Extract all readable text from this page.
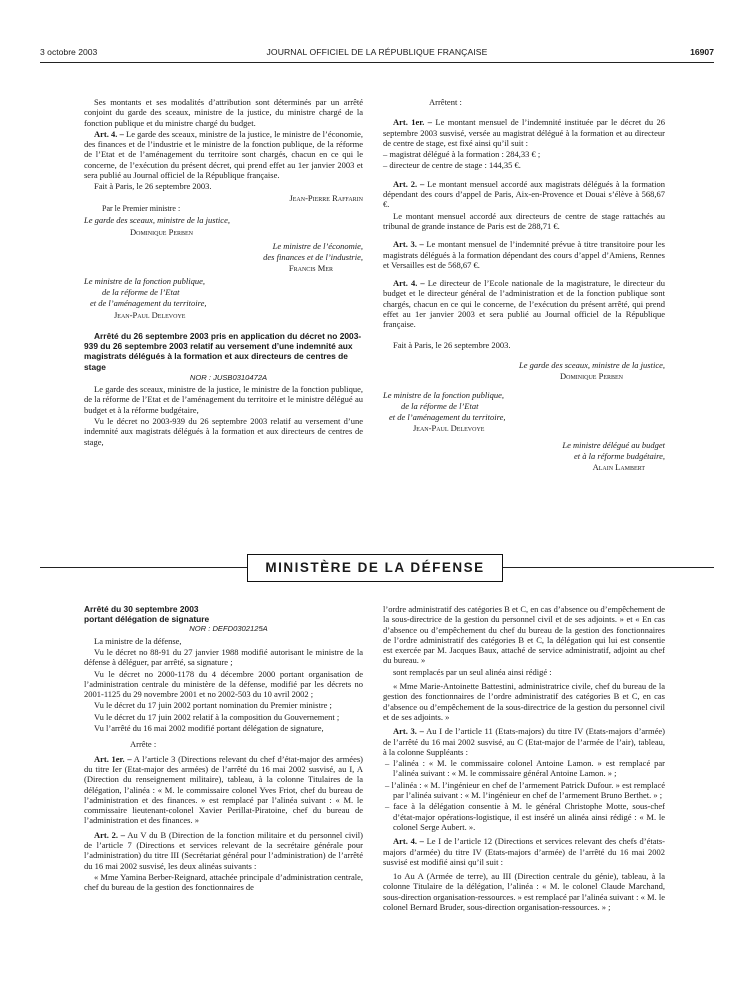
3 octobre 2003	JOURNAL OFFICIEL DE LA RÉPUBLIQUE FRANÇAISE	16907

Ses montants et ses modalités d’attribution sont déterminés par un arrêté conjoint du garde des sceaux, ministre de la justice, du ministre chargé de la fonction publique et du ministre chargé du budget.

Art. 4. – Le garde des sceaux, ministre de la justice, le ministre de l’économie, des finances et de l’industrie et le ministre de la fonction publique, de la réforme de l’Etat et de l’aménagement du territoire sont chargés, chacun en ce qui le concerne, de l’exécution du présent décret, qui prend effet au 1er janvier 2003 et sera publié au Journal officiel de la République française.

Fait à Paris, le 26 septembre 2003.

Jean-Pierre Raffarin

Par le Premier ministre :

Le garde des sceaux, ministre de la justice,

Dominique Perben

Le ministre de l’économie,

des finances et de l’industrie,

Francis Mer

Le ministre de la fonction publique,

de la réforme de l’Etat

et de l’aménagement du territoire,

Jean-Paul Delevoye

Arrêté du 26 septembre 2003 pris en application du décret no 2003-939 du 26 septembre 2003 relatif au versement d’une indemnité aux magistrats délégués à la formation et aux directeurs de centres de stage

NOR : JUSB0310472A

Le garde des sceaux, ministre de la justice, le ministre de la fonction publique, de la réforme de l’Etat et de l’aménagement du territoire et le ministre délégué au budget et à la réforme budgétaire,

Vu le décret no 2003-939 du 26 septembre 2003 relatif au versement d’une indemnité aux magistrats délégués à la formation et aux directeurs de centres de stage,

Arrêtent :

Art. 1er. – Le montant mensuel de l’indemnité instituée par le décret du 26 septembre 2003 susvisé, versée au magistrat délégué à la formation et au directeur de centre de stage, est fixé ainsi qu’il suit :

– magistrat délégué à la formation : 284,33 € ;

– directeur de centre de stage : 144,35 €.

Art. 2. – Le montant mensuel accordé aux magistrats délégués à la formation dépendant des cours d’appel de Paris, Aix-en-Provence et Douai s’élève à 568,67 €.

Le montant mensuel accordé aux directeurs de centre de stage rattachés au tribunal de grande instance de Paris est de 288,71 €.

Art. 3. – Le montant mensuel de l’indemnité prévue à titre transitoire pour les magistrats délégués à la formation dépendant des cours d’appel d’Amiens, Rennes et Versailles est de 568,67 €.

Art. 4. – Le directeur de l’Ecole nationale de la magistrature, le directeur du budget et le directeur général de l’administration et de la fonction publique sont chargés, chacun en ce qui le concerne, de l’exécution du présent arrêté, qui prend effet au 1er janvier 2003 et sera publié au Journal officiel de la République française.

Fait à Paris, le 26 septembre 2003.

Le garde des sceaux, ministre de la justice,

Dominique Perben

Le ministre de la fonction publique,

de la réforme de l’Etat

et de l’aménagement du territoire,

Jean-Paul Delevoye

Le ministre délégué au budget

et à la réforme budgétaire,

Alain Lambert

MINISTÈRE DE LA DÉFENSE

Arrêté du 30 septembre 2003

portant délégation de signature

NOR : DEFD0302125A

La ministre de la défense,

Vu le décret no 88-91 du 27 janvier 1988 modifié autorisant le ministre de la défense à déléguer, par arrêté, sa signature ;

Vu le décret no 2000-1178 du 4 décembre 2000 portant organisation de l’administration centrale du ministère de la défense, modifié par les décrets no 2001-1125 du 29 novembre 2001 et no 2002-503 du 10 avril 2002 ;

Vu le décret du 17 juin 2002 portant nomination du Premier ministre ;

Vu le décret du 17 juin 2002 relatif à la composition du Gouvernement ;

Vu l’arrêté du 16 mai 2002 modifié portant délégation de signature,

Arrête :

Art. 1er. – A l’article 3 (Directions relevant du chef d’état-major des armées) du titre Ier (Etat-major des armées) de l’arrêté du 16 mai 2002 susvisé, au I, A (Direction du renseignement militaire), tableau, à la colonne Titulaires de la délégation, l’alinéa : « M. le commissaire colonel Yves Friot, chef du bureau de l’administration et des finances. » est remplacé par l’alinéa suivant : « M. le commissaire lieutenant-colonel Xavier Perillat-Piratoine, chef du bureau de l’administration et des finances. »

Art. 2. – Au V du B (Direction de la fonction militaire et du personnel civil) de l’article 7 (Directions et services relevant de la secrétaire générale pour l’administration) du titre III (Secrétariat général pour l’administration) de l’arrêté du 16 mai 2002 susvisé, les deux alinéas suivants :

« Mme Yamina Berber-Reignard, attachée principale d’administration centrale, chef du bureau de la gestion des fonctionnaires de

l’ordre administratif des catégories B et C, en cas d’absence ou d’empêchement de la sous-directrice de la gestion du personnel civil et de ses adjoints. » et « En cas d’absence ou d’empêchement du chef du bureau de la gestion des fonctionnaires de l’ordre administratif des catégories B et C, la délégation qui lui est consentie est exercée par M. Jacques Baux, attaché de service administratif, adjoint au chef du bureau. »

sont remplacés par un seul alinéa ainsi rédigé :

« Mme Marie-Antoinette Battestini, administratrice civile, chef du bureau de la gestion des fonctionnaires de l’ordre administratif des catégories B et C, en cas d’absence ou d’empêchement de la sous-directrice de la gestion du personnel civil et de ses adjoints. »

Art. 3. – Au I de l’article 11 (Etats-majors) du titre IV (Etats-majors d’armée) de l’arrêté du 16 mai 2002 susvisé, au C (Etat-major de l’armée de l’air), tableau, à la colonne Suppléants :

– l’alinéa : « M. le commissaire colonel Antoine Lamon. » est remplacé par l’alinéa suivant : « M. le commissaire général Antoine Lamon. » ;

– l’alinéa : « M. l’ingénieur en chef de l’armement Patrick Dufour. » est remplacé par l’alinéa suivant : « M. l’ingénieur en chef de l’armement Bruno Berthet. » ;

– face à la délégation consentie à M. le général Christophe Motte, sous-chef d’état-major opérations-logistique, il est inséré un alinéa ainsi rédigé : « M. le colonel Serge Aubert. ».

Art. 4. – Le I de l’article 12 (Directions et services relevant des chefs d’états-majors d’armée) du titre IV (Etats-majors d’armée) de l’arrêté du 16 mai 2002 susvisé est modifié ainsi qu’il suit :

1o Au A (Armée de terre), au III (Direction centrale du génie), tableau, à la colonne Titulaire de la délégation, l’alinéa : « M. le colonel Claude Marchand, sous-direction organisation-ressources. » est remplacé par l’alinéa suivant : « M. le colonel Bernard Bruder, sous-direction organisation-ressources. » ;
